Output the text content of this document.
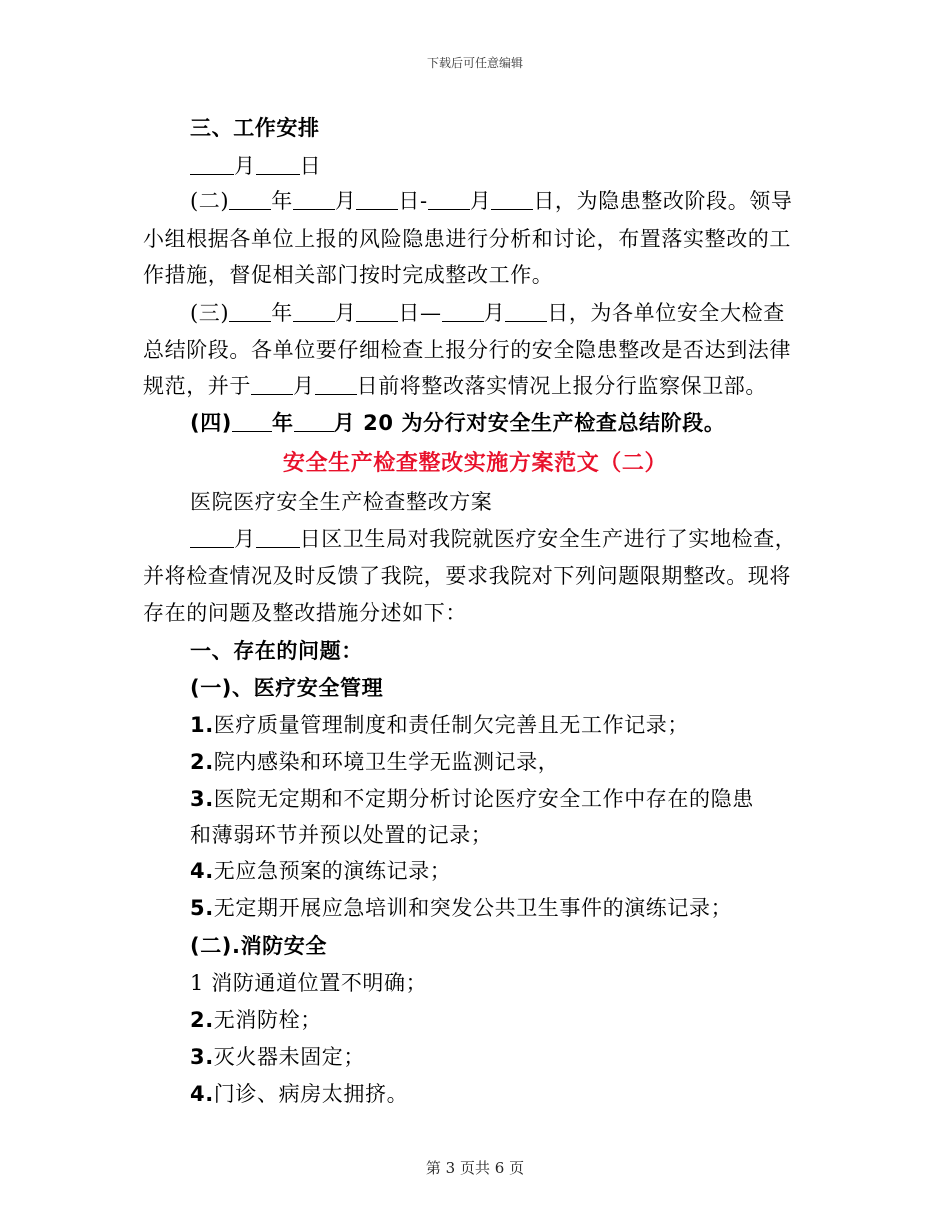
下载后可任意编辑
三、工作安排
月 日
(二) 年 月 日- 月 日，为隐患整改阶段。领导
小组根据各单位上报的风险隐患进行分析和讨论，布置落实整改的工
作措施，督促相关部门按时完成整改工作。
(三) 年 月 日— 月 日，为各单位安全大检查
总结阶段。各单位要仔细检查上报分行的安全隐患整改是否达到法律
规范，并于 月 日前将整改落实情况上报分行监察保卫部。
(四) 年 月 20 为分行对安全生产检查总结阶段。
安全生产检查整改实施方案范文（二）
医院医疗安全生产检查整改方案
月 日区卫生局对我院就医疗安全生产进行了实地检查，
并将检查情况及时反馈了我院，要求我院对下列问题限期整改。现将
存在的问题及整改措施分述如下：
一、存在的问题：
(一)、医疗安全管理
1.医疗质量管理制度和责任制欠完善且无工作记录；
2.院内感染和环境卫生学无监测记录，
3.医院无定期和不定期分析讨论医疗安全工作中存在的隐患
和薄弱环节并预以处置的记录；
4.无应急预案的演练记录；
5.无定期开展应急培训和突发公共卫生事件的演练记录；
(二).消防安全
1 消防通道位置不明确；
2.无消防栓；
3.灭火器未固定；
4.门诊、病房太拥挤。
第 3 页共 6 页
